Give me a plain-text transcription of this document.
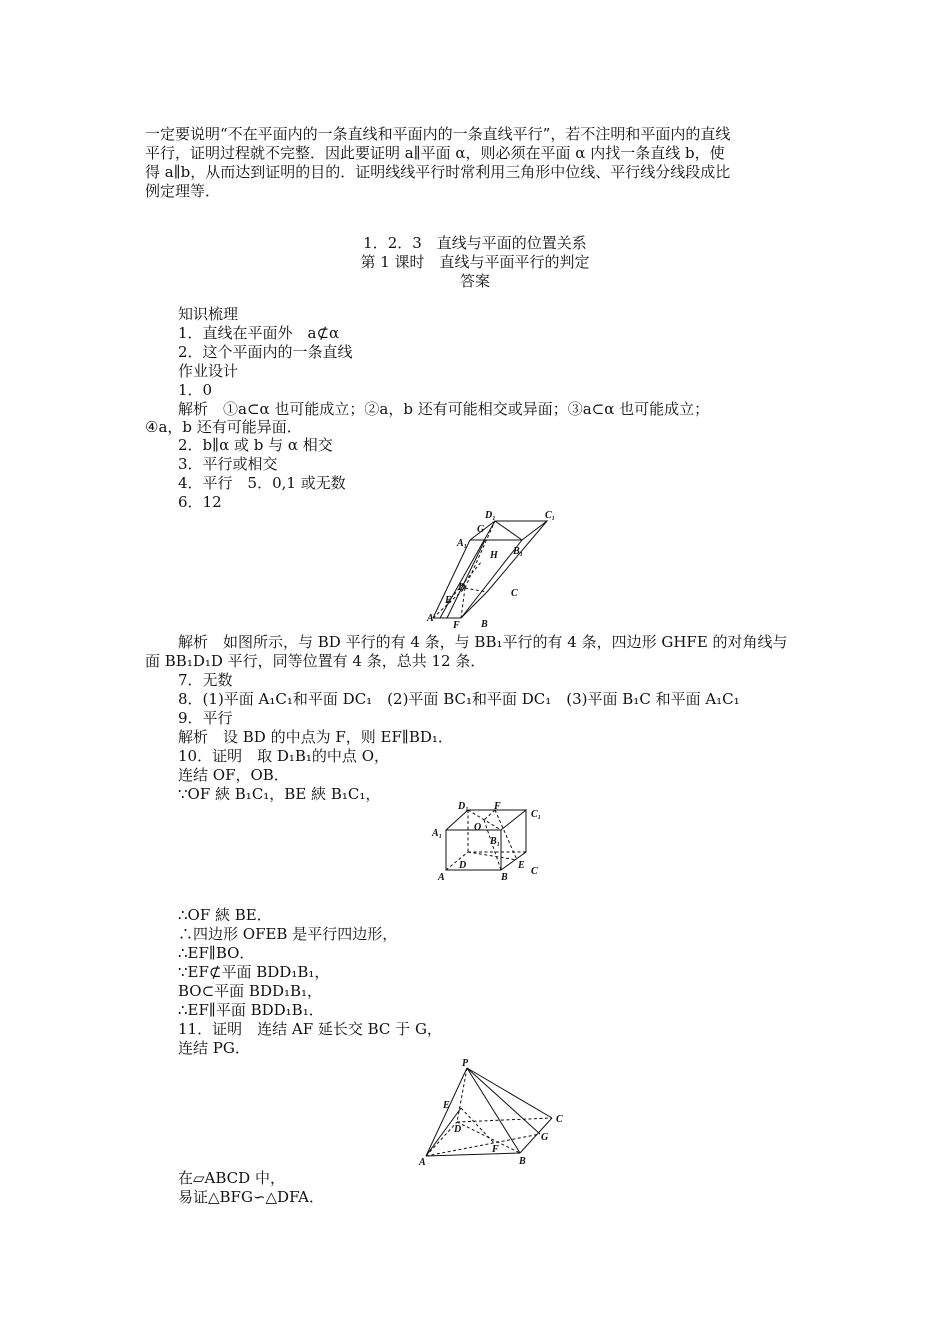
一定要说明“不在平面内的一条直线和平面内的一条直线平行”，若不注明和平面内的直线
平行，证明过程就不完整．因此要证明 a∥平面 α，则必须在平面 α 内找一条直线 b，使
得 a∥b，从而达到证明的目的．证明线线平行时常利用三角形中位线、平行线分线段成比
例定理等．
1．2．3　直线与平面的位置关系
第 1 课时　直线与平面平行的判定
答案
知识梳理
1．直线在平面外　a⊄α
2．这个平面内的一条直线
作业设计
1．0
解析　①a⊂α 也可能成立；②a，b 还有可能相交或异面；③a⊂α 也可能成立；
④a，b 还有可能异面．
2．b∥α 或 b 与 α 相交
3．平行或相交
4．平行　5．0,1 或无数
6．12
D₁	C₁
G
A₁
H B₁
D
C
E
A
F B
解析　如图所示，与 BD 平行的有 4 条，与 BB₁平行的有 4 条，四边形 GHFE 的对角线与
面 BB₁D₁D 平行，同等位置有 4 条，总共 12 条．
7．无数
8．(1)平面 A₁C₁和平面 DC₁　(2)平面 BC₁和平面 DC₁　(3)平面 B₁C 和平面 A₁C₁
9．平行
解析　设 BD 的中点为 F，则 EF∥BD₁．
10．证明　取 D₁B₁的中点 O，
连结 OF，OB．
∵OF 綊 B₁C₁，BE 綊 B₁C₁，
D₁	F
C₁
A₁
O
B₁
D
C
E
A	B
∴OF 綊 BE．
∴四边形 OFEB 是平行四边形，
∴EF∥BO．
∵EF⊄平面 BDD₁B₁，
BO⊂平面 BDD₁B₁，
∴EF∥平面 BDD₁B₁．
11．证明　连结 AF 延长交 BC 于 G，
连结 PG．
P
E
D
C
G
F
A	B
在▱ABCD 中，
易证△BFG∽△DFA．
